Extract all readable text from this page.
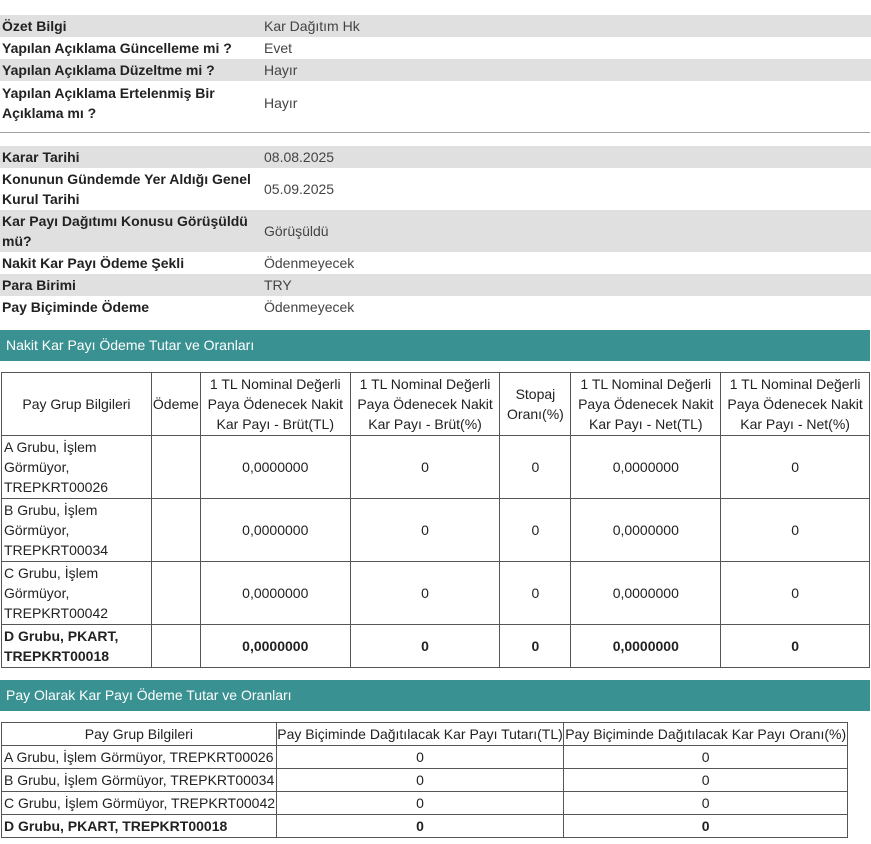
Özet Bilgi	Kar Dağıtım Hk
Yapılan Açıklama Güncelleme mi ?	Evet
Yapılan Açıklama Düzeltme mi ?	Hayır
Yapılan Açıklama Ertelenmiş Bir Açıklama mı ?	Hayır
Karar Tarihi	08.08.2025
Konunun Gündemde Yer Aldığı Genel Kurul Tarihi	05.09.2025
Kar Payı Dağıtımı Konusu Görüşüldü mü?	Görüşüldü
Nakit Kar Payı Ödeme Şekli	Ödenmeyecek
Para Birimi	TRY
Pay Biçiminde Ödeme	Ödenmeyecek
Nakit Kar Payı Ödeme Tutar ve Oranları
Pay Grup Bilgileri	Ödeme	1 TL Nominal Değerli Paya Ödenecek Nakit Kar Payı - Brüt(TL)	1 TL Nominal Değerli Paya Ödenecek Nakit Kar Payı - Brüt(%)	Stopaj Oranı(%)	1 TL Nominal Değerli Paya Ödenecek Nakit Kar Payı - Net(TL)	1 TL Nominal Değerli Paya Ödenecek Nakit Kar Payı - Net(%)
A Grubu, İşlem Görmüyor, TREPKRT00026		0,0000000	0	0	0,0000000	0
B Grubu, İşlem Görmüyor, TREPKRT00034		0,0000000	0	0	0,0000000	0
C Grubu, İşlem Görmüyor, TREPKRT00042		0,0000000	0	0	0,0000000	0
D Grubu, PKART, TREPKRT00018		0,0000000	0	0	0,0000000	0
Pay Olarak Kar Payı Ödeme Tutar ve Oranları
Pay Grup Bilgileri	Pay Biçiminde Dağıtılacak Kar Payı Tutarı(TL)	Pay Biçiminde Dağıtılacak Kar Payı Oranı(%)
A Grubu, İşlem Görmüyor, TREPKRT00026	0	0
B Grubu, İşlem Görmüyor, TREPKRT00034	0	0
C Grubu, İşlem Görmüyor, TREPKRT00042	0	0
D Grubu, PKART, TREPKRT00018	0	0
